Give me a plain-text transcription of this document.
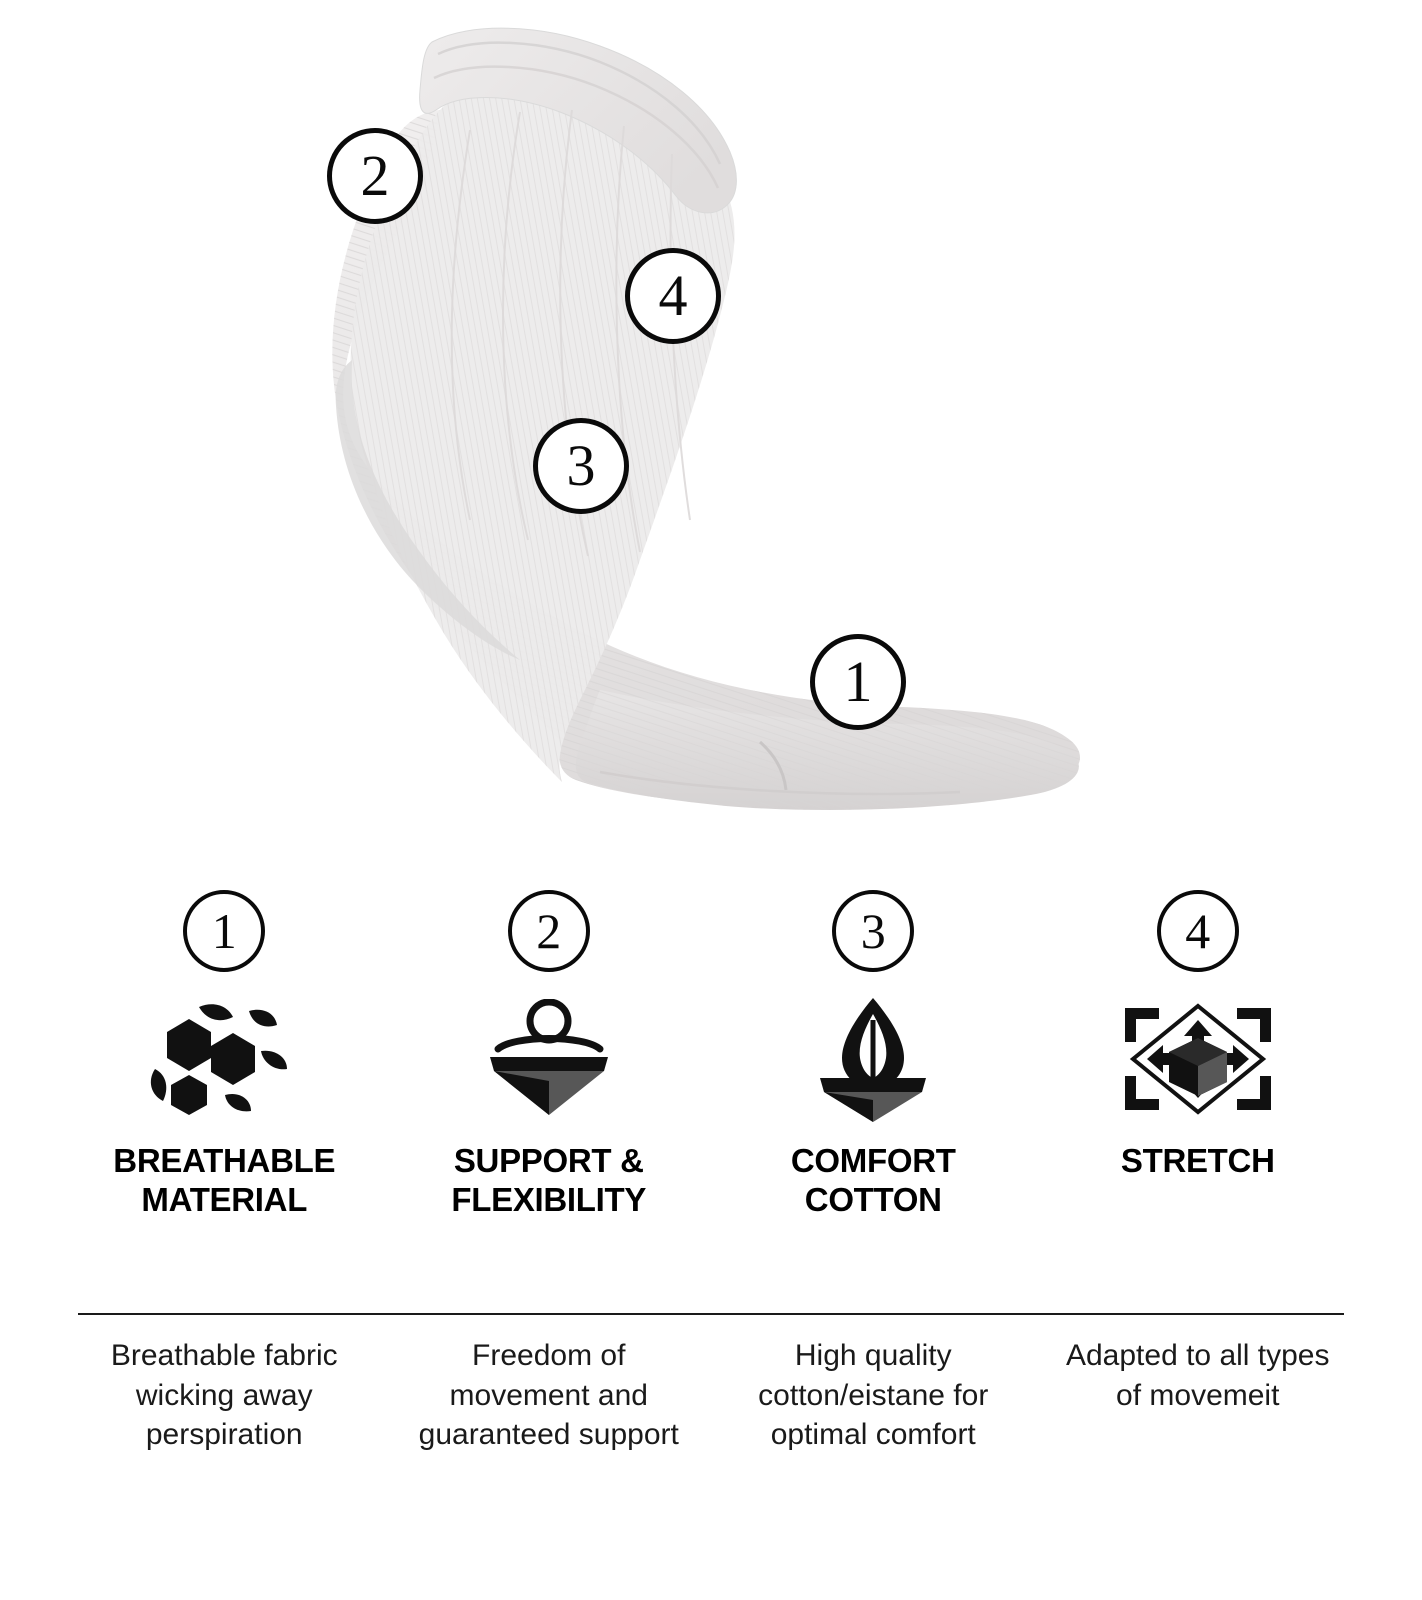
2
4
3
1
1
BREATHABLE MATERIAL
2
SUPPORT & FLEXIBILITY
3
COMFORT COTTON
4
STRETCH
Breathable fabric wicking away perspiration
Freedom of movement and guaranteed support
High quality cotton/eistane for optimal comfort
Adapted to all types of movemeit
